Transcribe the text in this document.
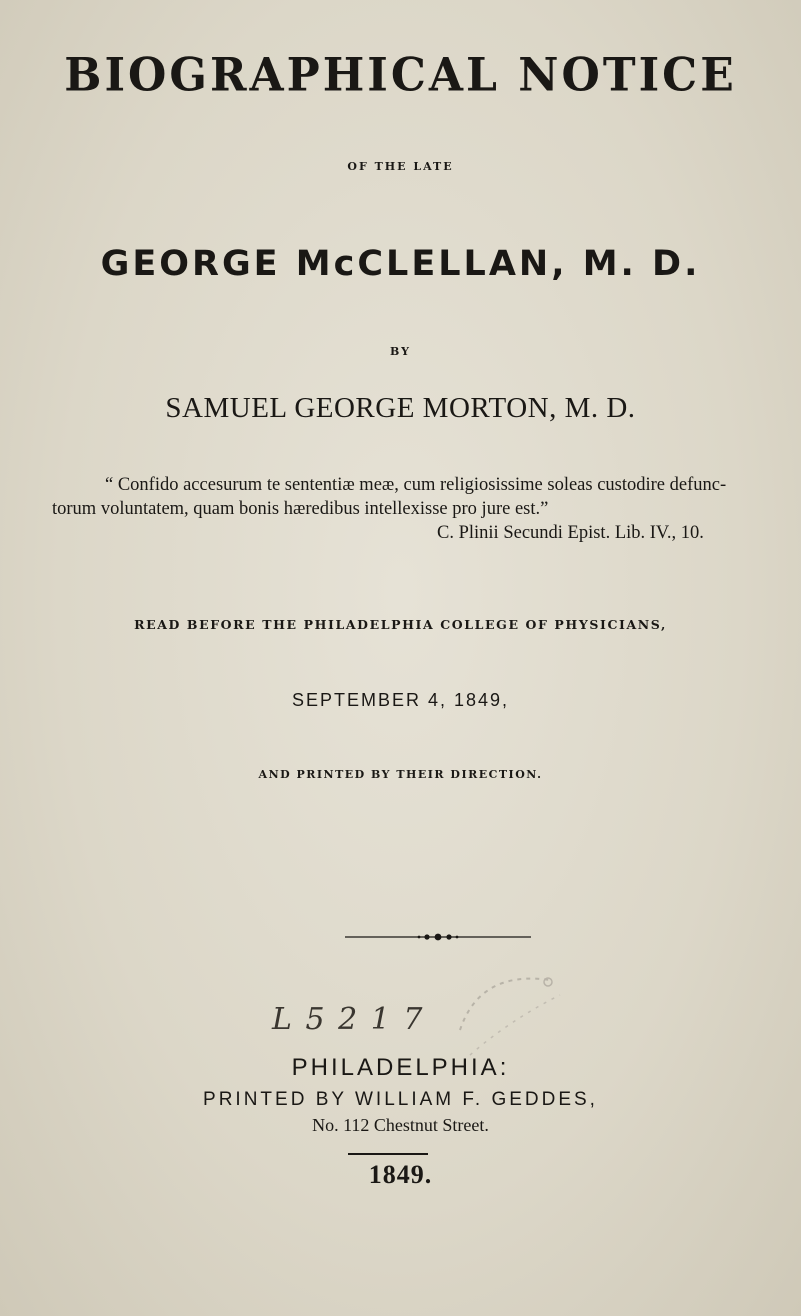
BIOGRAPHICAL NOTICE
OF THE LATE
GEORGE McCLELLAN, M. D.
BY
SAMUEL GEORGE MORTON, M. D.
“ Confido accesurum te sententiæ meæ, cum religiosissime soleas custodire defunc-
torum voluntatem, quam bonis hæredibus intellexisse pro jure est.”
C. Plinii Secundi Epist. Lib. IV., 10.
READ BEFORE THE PHILADELPHIA COLLEGE OF PHYSICIANS,
SEPTEMBER 4, 1849,
AND PRINTED BY THEIR DIRECTION.
L 5 2 1 7
PHILADELPHIA:
PRINTED BY WILLIAM F. GEDDES,
No. 112 Chestnut Street.
1849.
